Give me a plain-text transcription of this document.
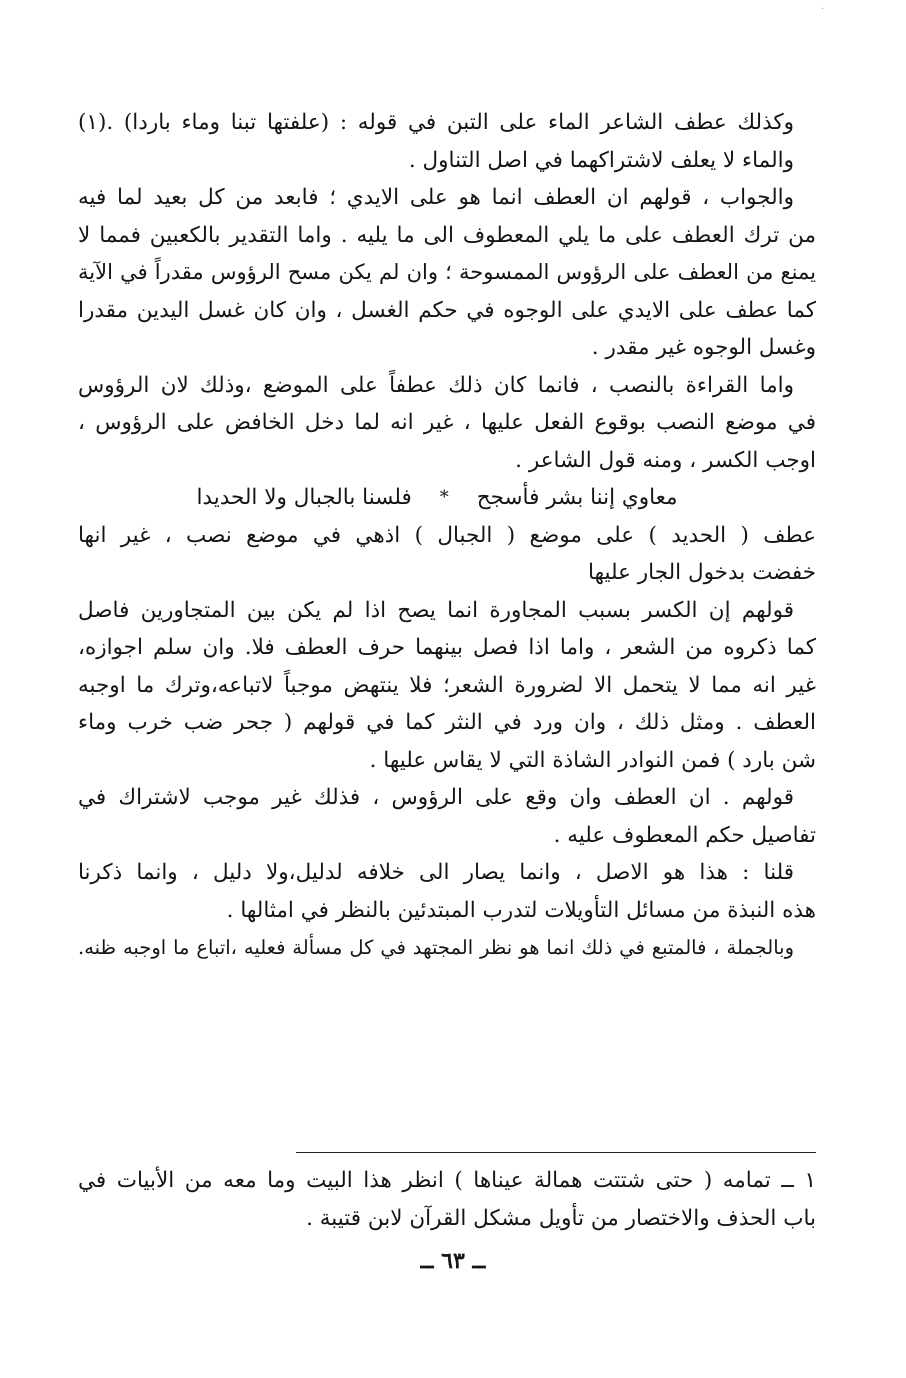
·
وكذلك عطف الشاعر الماء على التبن في قوله : (علفتها تبنا وماء باردا) .(١)
والماء لا يعلف لاشتراكهما في اصل التناول .
والجواب ، قولهم ان العطف انما هو على الايدي ؛ فابعد من كل بعيد لما فيه
من ترك العطف على ما يلي المعطوف الى ما يليه . واما التقدير بالكعبين فمما لا
يمنع من العطف على الرؤوس الممسوحة ؛ وان لم يكن مسح الرؤوس مقدراً في الآية
كما عطف على الايدي على الوجوه في حكم الغسل ، وان كان غسل اليدين مقدرا
وغسل الوجوه غير مقدر .
واما القراءة بالنصب ، فانما كان ذلك عطفاً على الموضع ،وذلك لان الرؤوس
في موضع النصب بوقوع الفعل عليها ، غير انه لما دخل الخافض على الرؤوس ،
اوجب الكسر ، ومنه قول الشاعر .
معاوي إننا بشر فأسجح
*
فلسنا بالجبال ولا الحديدا
عطف ( الحديد ) على موضع ( الجبال ) اذهي في موضع نصب ، غير انها
خفضت بدخول الجار عليها
قولهم إن الكسر بسبب المجاورة انما يصح اذا لم يكن بين المتجاورين فاصل
كما ذكروه من الشعر ، واما اذا فصل بينهما حرف العطف فلا. وان سلم اجوازه،
غير انه مما لا يتحمل الا لضرورة الشعر؛ فلا ينتهض موجباً لاتباعه،وترك ما اوجبه
العطف . ومثل ذلك ، وان ورد في النثر كما في قولهم ( جحر ضب خرب وماء
شن بارد ) فمن النوادر الشاذة التي لا يقاس عليها .
قولهم . ان العطف وان وقع على الرؤوس ، فذلك غير موجب لاشتراك في
تفاصيل حكم المعطوف عليه .
قلنا : هذا هو الاصل ، وانما يصار الى خلافه لدليل،ولا دليل ، وانما ذكرنا
هذه النبذة من مسائل التأويلات لتدرب المبتدئين بالنظر في امثالها .
وبالجملة ، فالمتبع في ذلك انما هو نظر المجتهد في كل مسألة فعليه ،اتباع ما اوجبه ظنه.
١ ــ تمامه ( حتى شتتت همالة عيناها ) انظر هذا البيت وما معه من الأبيات في
باب الحذف والاختصار من تأويل مشكل القرآن لابن قتيبة .
ــ ٦٣ ــ
